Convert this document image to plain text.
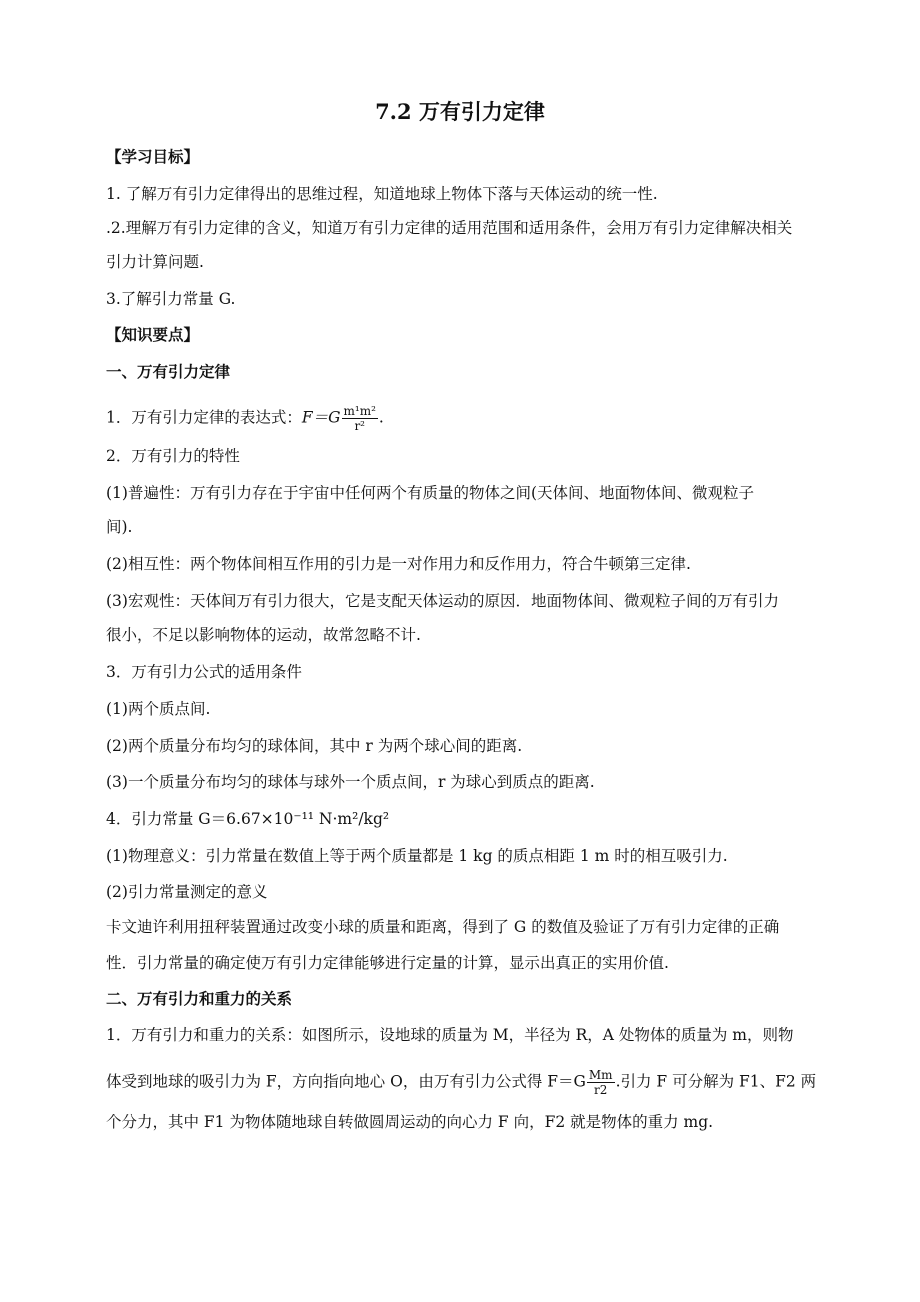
7.2 万有引力定律
【学习目标】
1. 了解万有引力定律得出的思维过程，知道地球上物体下落与天体运动的统一性.
.2.理解万有引力定律的含义，知道万有引力定律的适用范围和适用条件，会用万有引力定律解决相关
引力计算问题.
3.了解引力常量 G.
【知识要点】
一、万有引力定律
1．万有引力定律的表达式：$F=G \frac{\text{m¹m²}}{\text{r²}}$ .
2．万有引力的特性
(1)普遍性：万有引力存在于宇宙中任何两个有质量的物体之间(天体间、地面物体间、微观粒子
间).
(2)相互性：两个物体间相互作用的引力是一对作用力和反作用力，符合牛顿第三定律.
(3)宏观性：天体间万有引力很大，它是支配天体运动的原因．地面物体间、微观粒子间的万有引力
很小，不足以影响物体的运动，故常忽略不计.
3．万有引力公式的适用条件
(1)两个质点间.
(2)两个质量分布均匀的球体间，其中 r 为两个球心间的距离.
(3)一个质量分布均匀的球体与球外一个质点间，r 为球心到质点的距离.
4．引力常量 G＝6.67×10⁻¹¹ N·m²/kg²
(1)物理意义：引力常量在数值上等于两个质量都是 1 kg 的质点相距 1 m 时的相互吸引力.
(2)引力常量测定的意义
卡文迪许利用扭秤装置通过改变小球的质量和距离，得到了 G 的数值及验证了万有引力定律的正确
性．引力常量的确定使万有引力定律能够进行定量的计算，显示出真正的实用价值.
二、万有引力和重力的关系
1．万有引力和重力的关系：如图所示，设地球的质量为 M，半径为 R，A 处物体的质量为 m，则物
体受到地球的吸引力为 F，方向指向地心 O，由万有引力公式得 $F=G \frac{Mm}{r2}$ .引力 F 可分解为 F1、F2 两
个分力，其中 F1 为物体随地球自转做圆周运动的向心力 F 向，F2 就是物体的重力 mg.
